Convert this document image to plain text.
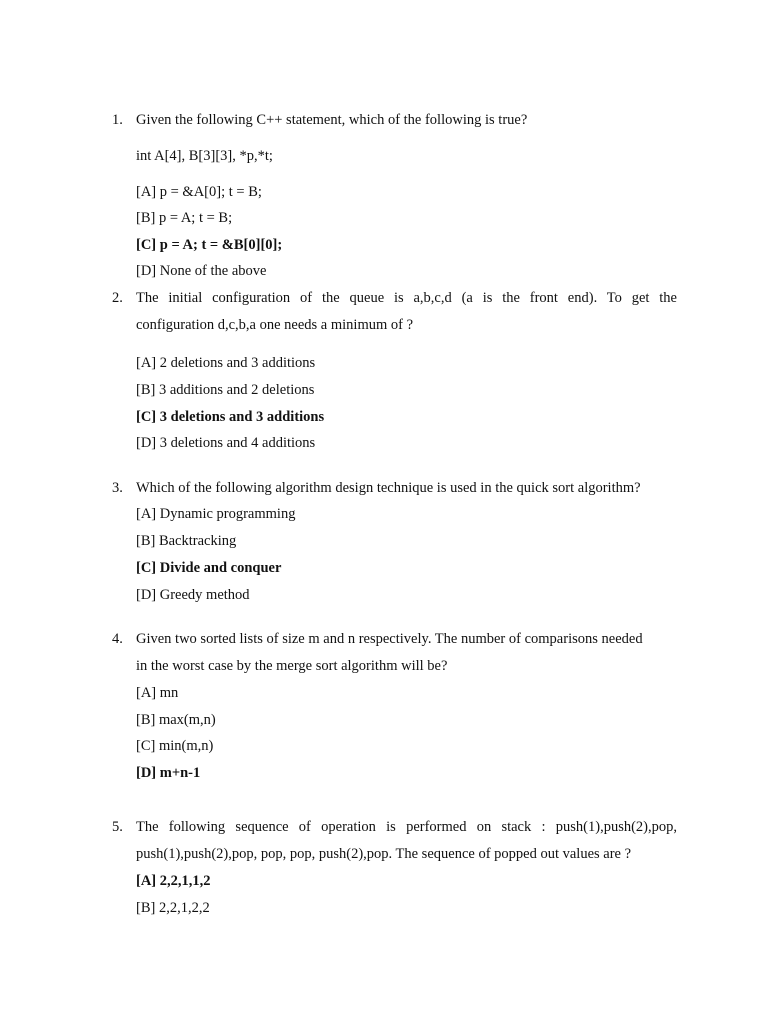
1. Given the following C++ statement, which of the following is true?
int A[4], B[3][3], *p,*t;
[A] p = &A[0]; t = B;
[B] p = A; t = B;
[C] p = A; t = &B[0][0];
[D] None of the above
2. The initial configuration of the queue is a,b,c,d (a is the front end). To get the
configuration d,c,b,a one needs a minimum of ?
[A] 2 deletions and 3 additions
[B] 3 additions and 2 deletions
[C] 3 deletions and 3 additions
[D] 3 deletions and 4 additions
3. Which of the following algorithm design technique is used in the quick sort algorithm?
[A] Dynamic programming
[B] Backtracking
[C] Divide and conquer
[D] Greedy method
4. Given two sorted lists of size m and n respectively. The number of comparisons needed
in the worst case by the merge sort algorithm will be?
[A] mn
[B] max(m,n)
[C] min(m,n)
[D] m+n-1
5. The following sequence of operation is performed on stack : push(1),push(2),pop,
push(1),push(2),pop, pop, pop, push(2),pop. The sequence of popped out values are ?
[A] 2,2,1,1,2
[B] 2,2,1,2,2
